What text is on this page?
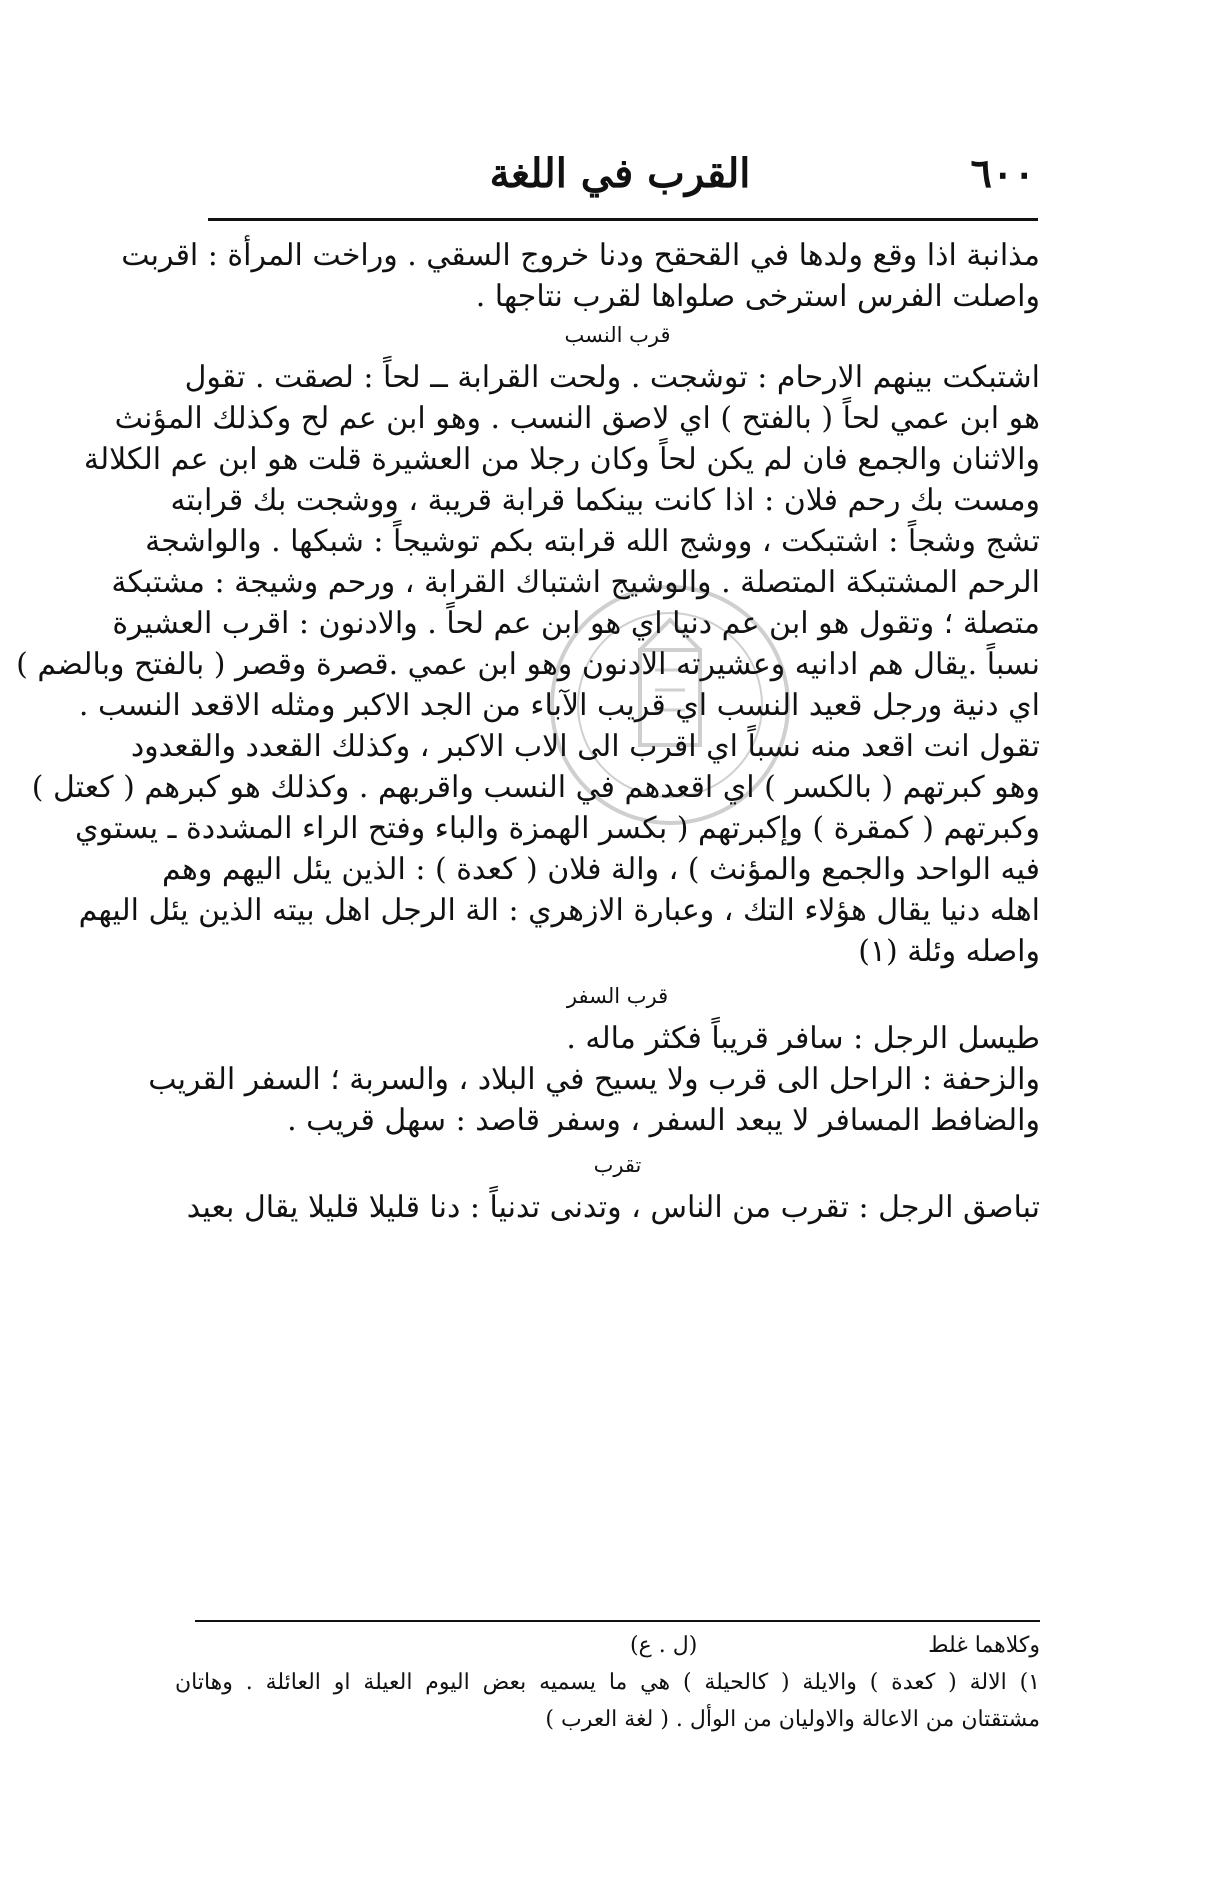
٦٠٠
القرب في اللغة
مذانبة اذا وقع ولدها في القحقح ودنا خروج السقي . وراخت المرأة : اقربت
واصلت الفرس استرخى صلواها لقرب نتاجها .
قرب النسب
اشتبكت بينهم الارحام : توشجت . ولحت القرابة ــ لحاً : لصقت . تقول
هو ابن عمي لحاً ( بالفتح ) اي لاصق النسب . وهو ابن عم لح وكذلك المؤنث
والاثنان والجمع فان لم يكن لحاً وكان رجلا من العشيرة قلت هو ابن عم الكلالة
ومست بك رحم فلان : اذا كانت بينكما قرابة قريبة ، ووشجت بك قرابته
تشج وشجاً : اشتبكت ، ووشج الله قرابته بكم توشيجاً : شبكها . والواشجة
الرحم المشتبكة المتصلة . والوشيج اشتباك القرابة ، ورحم وشيجة : مشتبكة
متصلة ؛ وتقول هو ابن عم دنيا اي هو ابن عم لحاً . والادنون : اقرب العشيرة
نسباً .يقال هم ادانيه وعشيرته الادنون وهو ابن عمي .قصرة وقصر ( بالفتح وبالضم )
اي دنية ورجل قعيد النسب اي قريب الآباء من الجد الاكبر ومثله الاقعد النسب .
تقول انت اقعد منه نسباً اي اقرب الى الاب الاكبر ، وكذلك القعدد والقعدود
وهو كبرتهم ( بالكسر ) اي اقعدهم في النسب واقربهم . وكذلك هو كبرهم ( كعتل )
وكبرتهم ( كمقرة ) وإكبرتهم ( بكسر الهمزة والباء وفتح الراء المشددة ـ يستوي
فيه الواحد والجمع والمؤنث ) ، والة فلان ( كعدة ) : الذين يئل اليهم وهم
اهله دنيا يقال هؤلاء التك ، وعبارة الازهري : الة الرجل اهل بيته الذين يئل اليهم
واصله وئلة (١)
قرب السفر
طيسل الرجل : سافر قريباً فكثر ماله .
والزحفة : الراحل الى قرب ولا يسيح في البلاد ، والسربة ؛ السفر القريب
والضافط المسافر لا يبعد السفر ، وسفر قاصد : سهل قريب .
تقرب
تباصق الرجل : تقرب من الناس ، وتدنى تدنياً : دنا قليلا قليلا يقال بعيد
وكلاهما غلط                                 (ل . ع)
١) الالة ( كعدة ) والايلة ( كالحيلة ) هي ما يسميه بعض اليوم العيلة او العائلة . وهاتان
مشتقتان من الاعالة والاوليان من الوأل . ( لغة العرب )
